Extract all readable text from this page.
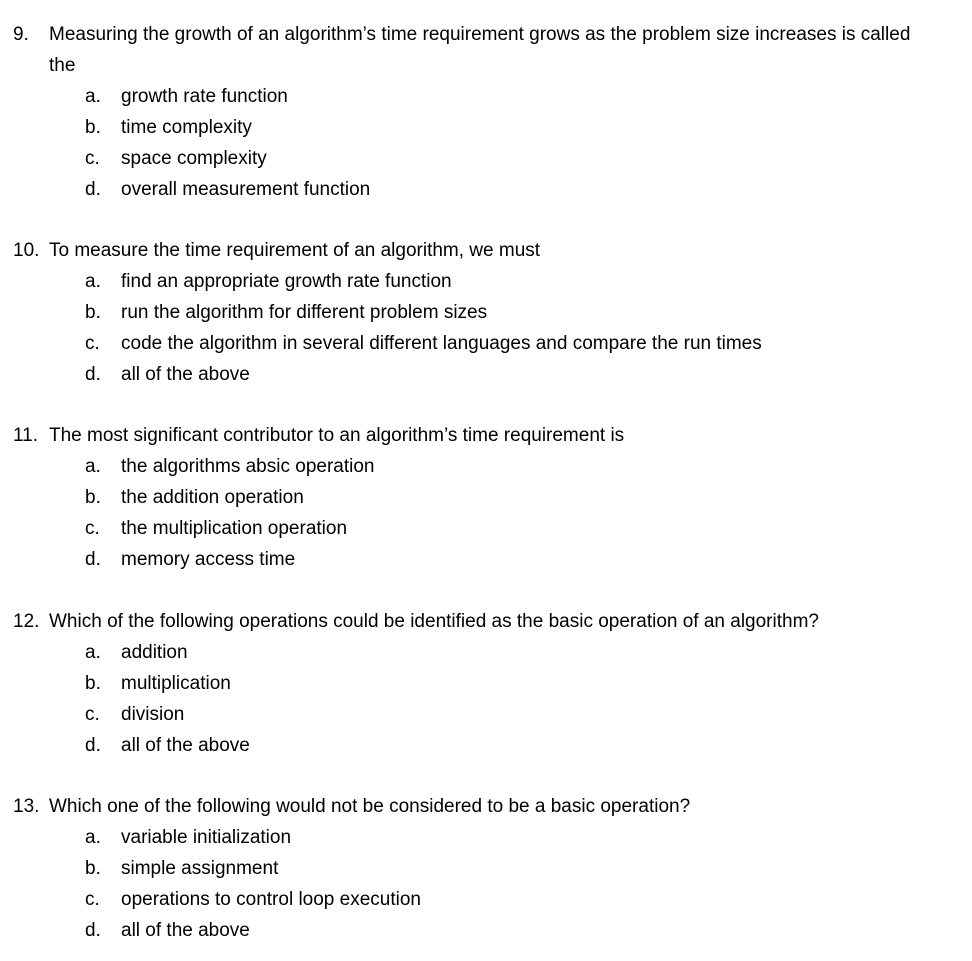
9.	Measuring the growth of an algorithm’s time requirement grows as the problem size increases is called the
a.	growth rate function
b.	time complexity
c.	space complexity
d.	overall measurement function
10. To measure the time requirement of an algorithm, we must
a.	find an appropriate growth rate function
b.	run the algorithm for different problem sizes
c.	code the algorithm in several different languages and compare the run times
d.	all of the above
11. The most significant contributor to an algorithm’s time requirement is
a.	the algorithms absic operation
b.	the addition operation
c.	the multiplication operation
d.	memory access time
12. Which of the following operations could be identified as the basic operation of an algorithm?
a.	addition
b.	multiplication
c.	division
d.	all of the above
13. Which one of the following would not be considered to be a basic operation?
a.	variable initialization
b.	simple assignment
c.	operations to control loop execution
d.	all of the above
